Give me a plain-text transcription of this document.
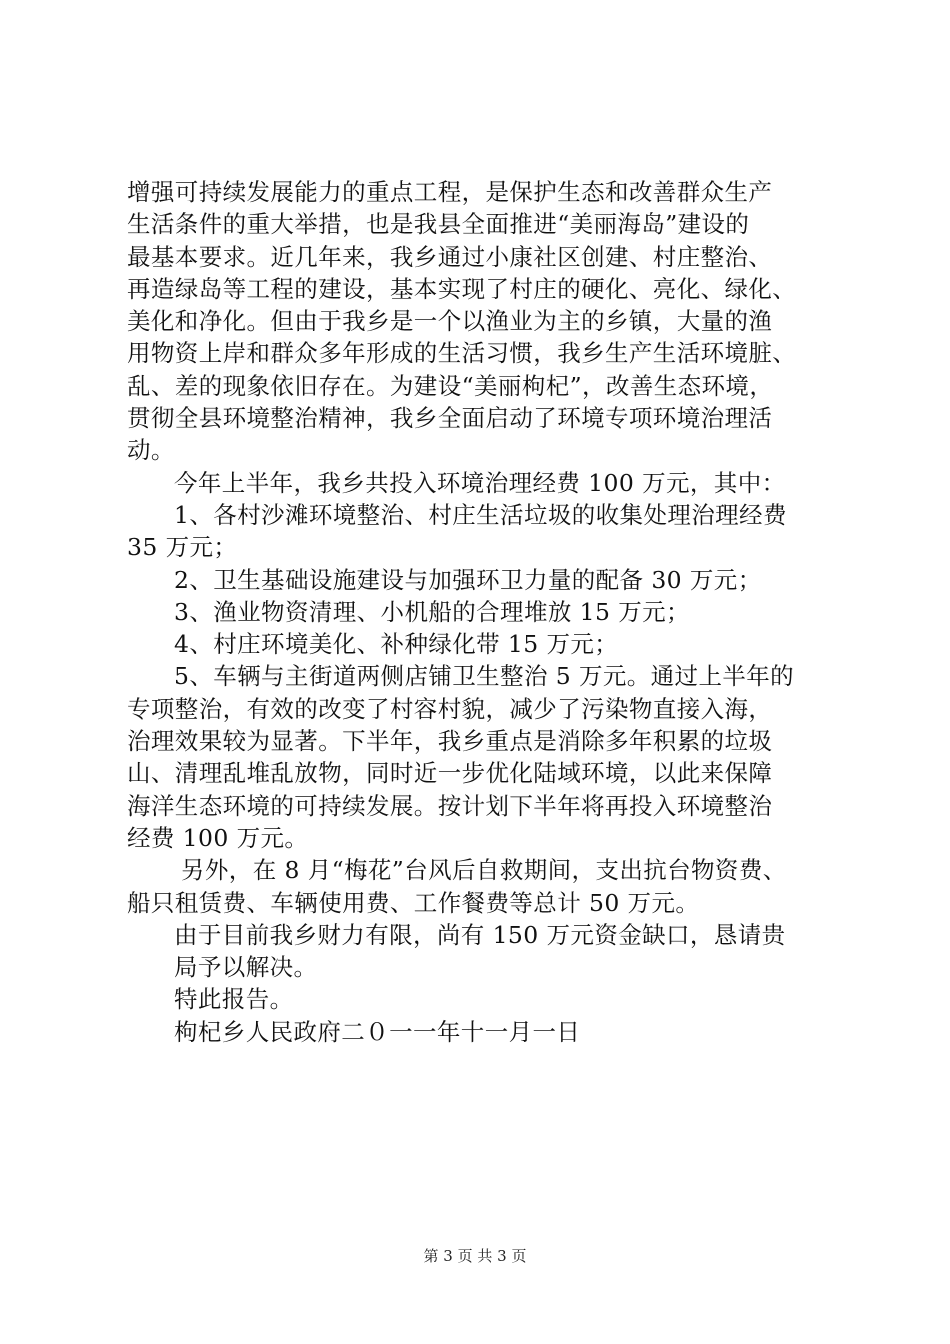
增强可持续发展能力的重点工程，是保护生态和改善群众生产

生活条件的重大举措，也是我县全面推进“美丽海岛”建设的

最基本要求。近几年来，我乡通过小康社区创建、村庄整治、

再造绿岛等工程的建设，基本实现了村庄的硬化、亮化、绿化、

美化和净化。但由于我乡是一个以渔业为主的乡镇，大量的渔

用物资上岸和群众多年形成的生活习惯，我乡生产生活环境脏、

乱、差的现象依旧存在。为建设“美丽枸杞”，改善生态环境，

贯彻全县环境整治精神，我乡全面启动了环境专项环境治理活

动。

今年上半年，我乡共投入环境治理经费 100 万元，其中：

1、各村沙滩环境整治、村庄生活垃圾的收集处理治理经费

35 万元；

2、卫生基础设施建设与加强环卫力量的配备 30 万元；

3、渔业物资清理、小机船的合理堆放 15 万元；

4、村庄环境美化、补种绿化带 15 万元；

5、车辆与主街道两侧店铺卫生整治 5 万元。通过上半年的

专项整治，有效的改变了村容村貌，减少了污染物直接入海，

治理效果较为显著。下半年，我乡重点是消除多年积累的垃圾

山、清理乱堆乱放物，同时近一步优化陆域环境，以此来保障

海洋生态环境的可持续发展。按计划下半年将再投入环境整治

经费 100 万元。

另外，在 8 月“梅花”台风后自救期间，支出抗台物资费、

船只租赁费、车辆使用费、工作餐费等总计 50 万元。

由于目前我乡财力有限，尚有 150 万元资金缺口，恳请贵

局予以解决。

特此报告。

枸杞乡人民政府二０一一年十一月一日

第 3 页 共 3 页
